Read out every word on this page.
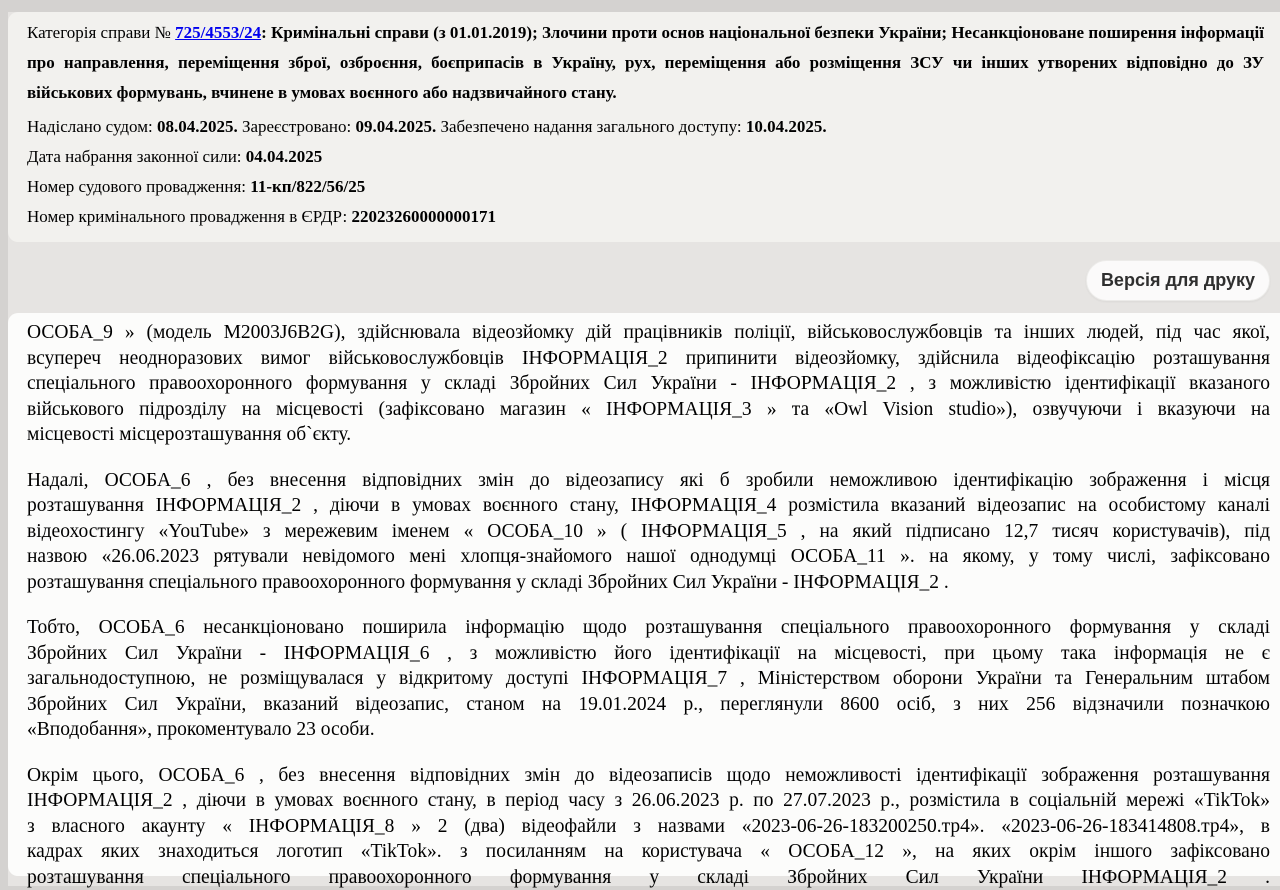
Категорія справи № 725/4553/24: Кримінальні справи (з 01.01.2019); Злочини проти основ національної безпеки України; Несанкціоноване поширення інформації про направлення, переміщення зброї, озброєння, боєприпасів в Україну, рух, переміщення або розміщення ЗСУ чи інших утворених відповідно до ЗУ військових формувань, вчинене в умовах воєнного або надзвичайного стану.
Надіслано судом: 08.04.2025. Зареєстровано: 09.04.2025. Забезпечено надання загального доступу: 10.04.2025.
Дата набрання законної сили: 04.04.2025
Номер судового провадження: 11-кп/822/56/25
Номер кримінального провадження в ЄРДР: 22023260000000171
Версія для друку
ОСОБА_9 » (модель M2003J6B2G), здійснювала відеозйомку дій працівників поліції, військовослужбовців та інших людей, під час якої,
всупереч неодноразових вимог військовослужбовців ІНФОРМАЦІЯ_2 припинити відеозйомку, здійснила відеофіксацію розташування
спеціального правоохоронного формування у складі Збройних Сил України - ІНФОРМАЦІЯ_2 , з можливістю ідентифікації вказаного
військового підрозділу на місцевості (зафіксовано магазин « ІНФОРМАЦІЯ_3 » та «Owl Vision studio»), озвучуючи і вказуючи на
місцевості місцерозташування об`єкту.
Надалі, ОСОБА_6 , без внесення відповідних змін до відеозапису які б зробили неможливою ідентифікацію зображення і місця
розташування ІНФОРМАЦІЯ_2 , діючи в умовах воєнного стану, ІНФОРМАЦІЯ_4 розмістила вказаний відеозапис на особистому каналі
відеохостингу «YouTube» з мережевим іменем « ОСОБА_10 » ( ІНФОРМАЦІЯ_5 , на який підписано 12,7 тисяч користувачів), під
назвою «26.06.2023 рятували невідомого мені хлопця-знайомого нашої однодумці ОСОБА_11 ». на якому, у тому числі, зафіксовано
розташування спеціального правоохоронного формування у складі Збройних Сил України - ІНФОРМАЦІЯ_2 .
Тобто, ОСОБА_6 несанкціоновано поширила інформацію щодо розташування спеціального правоохоронного формування у складі
Збройних Сил України - ІНФОРМАЦІЯ_6 , з можливістю його ідентифікації на місцевості, при цьому така інформація не є
загальнодоступною, не розміщувалася у відкритому доступі ІНФОРМАЦІЯ_7 , Міністерством оборони України та Генеральним штабом
Збройних Сил України, вказаний відеозапис, станом на 19.01.2024 р., переглянули 8600 осіб, з них 256 відзначили позначкою
«Вподобання», прокоментувало 23 особи.
Окрім цього, ОСОБА_6 , без внесення відповідних змін до відеозаписів щодо неможливості ідентифікації зображення розташування
ІНФОРМАЦІЯ_2 , діючи в умовах воєнного стану, в період часу з 26.06.2023 р. по 27.07.2023 р., розмістила в соціальній мережі «TikTok»
з власного акаунту « ІНФОРМАЦІЯ_8 » 2 (два) відеофайли з назвами «2023-06-26-183200250.тр4». «2023-06-26-183414808.тр4», в
кадрах яких знаходиться логотип «TikTok». з посиланням на користувача « ОСОБА_12 », на яких окрім іншого зафіксовано
розташування спеціального правоохоронного формування у складі Збройних Сил України ІНФОРМАЦІЯ_2 .
